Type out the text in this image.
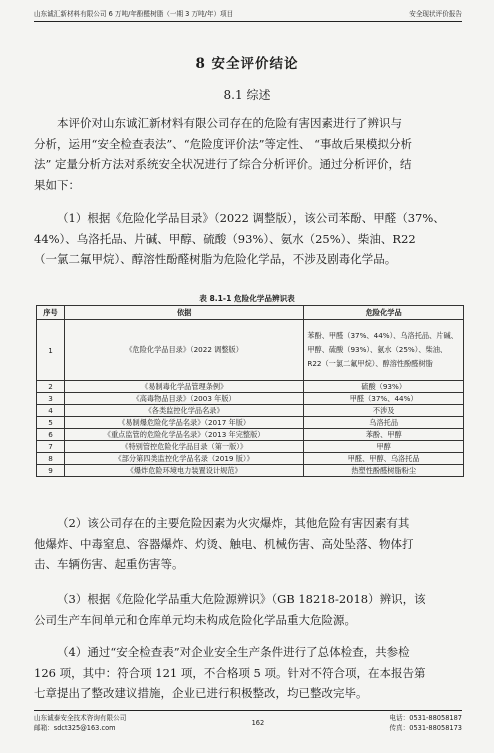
山东诚汇新材料有限公司 6 万吨/年酚醛树脂（一期 3 万吨/年）项目	安全现状评价报告
8 安全评价结论
8.1 综述
本评价对山东诚汇新材料有限公司存在的危险有害因素进行了辨识与
分析，运用“安全检查表法”、“危险度评价法”等定性、 “事故后果模拟分析
法” 定量分析方法对系统安全状况进行了综合分析评价。通过分析评价，结
果如下：
（1）根据《危险化学品目录》（2022 调整版），该公司苯酚、甲醛（37%、
44%）、乌洛托品、片碱、甲醇、硫酸（93%）、氨水（25%）、柴油、R22
（一氯二氟甲烷）、醇溶性酚醛树脂为危险化学品，不涉及剧毒化学品。
表 8.1-1 危险化学品辨识表
序号	依据	危险化学品
1	《危险化学品目录》（2022 调整版）	苯酚、甲醛（37%、44%）、乌洛托品、片碱、甲醇、硫酸（93%）、氨水（25%）、柴油、R22（一氯二氟甲烷）、醇溶性酚醛树脂
2	《易制毒化学品管理条例》	硫酸（93%）
3	《高毒物品目录》（2003 年版）	甲醛（37%、44%）
4	《各类监控化学品名录》	不涉及
5	《易制爆危险化学品名录》（2017 年版）	乌洛托品
6	《重点监管的危险化学品名录》（2013 年完整版）	苯酚、甲醇
7	《特别管控危险化学品目录（第一版）》	甲醇
8	《部分第四类监控化学品名录（2019 版）》	甲醛、甲醇、乌洛托品
9	《爆炸危险环境电力装置设计规范》	热塑性酚醛树脂粉尘
（2）该公司存在的主要危险因素为火灾爆炸，其他危险有害因素有其
他爆炸、中毒窒息、容器爆炸、灼烫、触电、机械伤害、高处坠落、物体打
击、车辆伤害、起重伤害等。
（3）根据《危险化学品重大危险源辨识》（GB 18218-2018）辨识，该
公司生产车间单元和仓库单元均未构成危险化学品重大危险源。
（4）通过“安全检查表”对企业安全生产条件进行了总体检查，共参检
126 项，其中：符合项 121 项，不合格项 5 项。针对不符合项，在本报告第
七章提出了整改建议措施，企业已进行积极整改，均已整改完毕。
山东诚泰安全技术咨询有限公司
邮箱：sdct325@163.com
162
电话：0531-88058187
传真：0531-88058173
